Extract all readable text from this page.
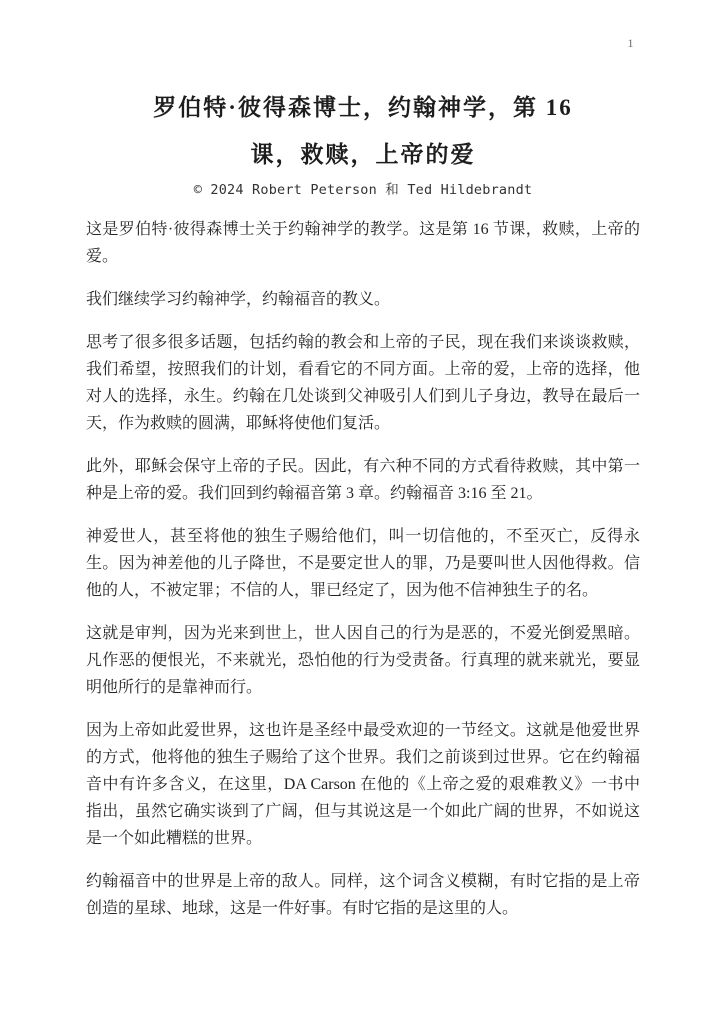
1
罗伯特·彼得森博士，约翰神学，第 16
课，救赎，上帝的爱
© 2024 Robert Peterson 和 Ted Hildebrandt

这是罗伯特·彼得森博士关于约翰神学的教学。这是第 16 节课，救赎，上帝的爱。

我们继续学习约翰神学，约翰福音的教义。

思考了很多很多话题，包括约翰的教会和上帝的子民，现在我们来谈谈救赎，我们希望，按照我们的计划，看看它的不同方面。上帝的爱，上帝的选择，他对人的选择，永生。约翰在几处谈到父神吸引人们到儿子身边，教导在最后一天，作为救赎的圆满，耶稣将使他们复活。

此外，耶稣会保守上帝的子民。因此，有六种不同的方式看待救赎，其中第一种是上帝的爱。我们回到约翰福音第 3 章。约翰福音 3:16 至 21。

神爱世人，甚至将他的独生子赐给他们，叫一切信他的，不至灭亡，反得永生。因为神差他的儿子降世，不是要定世人的罪，乃是要叫世人因他得救。信他的人，不被定罪；不信的人，罪已经定了，因为他不信神独生子的名。

这就是审判，因为光来到世上，世人因自己的行为是恶的，不爱光倒爱黑暗。凡作恶的便恨光，不来就光，恐怕他的行为受责备。行真理的就来就光，要显明他所行的是靠神而行。

因为上帝如此爱世界，这也许是圣经中最受欢迎的一节经文。这就是他爱世界的方式，他将他的独生子赐给了这个世界。我们之前谈到过世界。它在约翰福音中有许多含义，在这里，DA Carson 在他的《上帝之爱的艰难教义》一书中指出，虽然它确实谈到了广阔，但与其说这是一个如此广阔的世界，不如说这是一个如此糟糕的世界。

约翰福音中的世界是上帝的敌人。同样，这个词含义模糊，有时它指的是上帝创造的星球、地球，这是一件好事。有时它指的是这里的人。
